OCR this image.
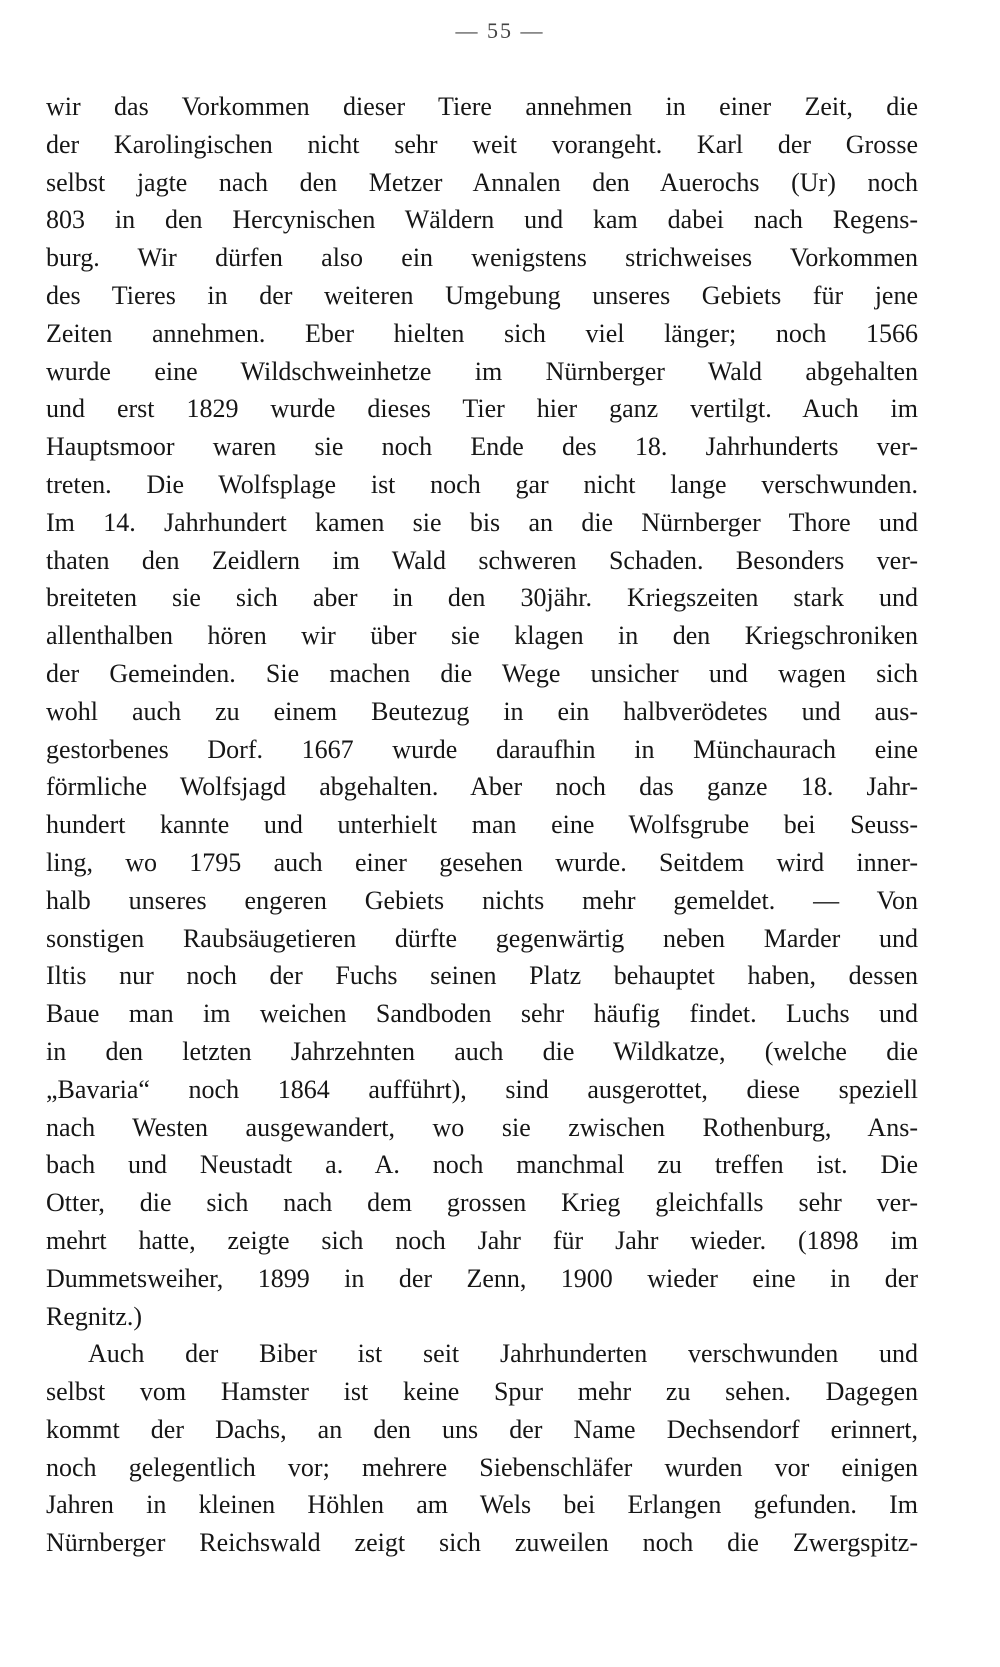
— 55 —
wir das Vorkommen dieser Tiere annehmen in einer Zeit, die
der Karolingischen nicht sehr weit vorangeht. Karl der Grosse
selbst jagte nach den Metzer Annalen den Auerochs (Ur) noch
803 in den Hercynischen Wäldern und kam dabei nach Regens-
burg. Wir dürfen also ein wenigstens strichweises Vorkommen
des Tieres in der weiteren Umgebung unseres Gebiets für jene
Zeiten annehmen. Eber hielten sich viel länger; noch 1566
wurde eine Wildschweinhetze im Nürnberger Wald abgehalten
und erst 1829 wurde dieses Tier hier ganz vertilgt. Auch im
Hauptsmoor waren sie noch Ende des 18. Jahrhunderts ver-
treten. Die Wolfsplage ist noch gar nicht lange verschwunden.
Im 14. Jahrhundert kamen sie bis an die Nürnberger Thore und
thaten den Zeidlern im Wald schweren Schaden. Besonders ver-
breiteten sie sich aber in den 30jähr. Kriegszeiten stark und
allenthalben hören wir über sie klagen in den Kriegschroniken
der Gemeinden. Sie machen die Wege unsicher und wagen sich
wohl auch zu einem Beutezug in ein halbverödetes und aus-
gestorbenes Dorf. 1667 wurde daraufhin in Münchaurach eine
förmliche Wolfsjagd abgehalten. Aber noch das ganze 18. Jahr-
hundert kannte und unterhielt man eine Wolfsgrube bei Seuss-
ling, wo 1795 auch einer gesehen wurde. Seitdem wird inner-
halb unseres engeren Gebiets nichts mehr gemeldet. — Von
sonstigen Raubsäugetieren dürfte gegenwärtig neben Marder und
Iltis nur noch der Fuchs seinen Platz behauptet haben, dessen
Baue man im weichen Sandboden sehr häufig findet. Luchs und
in den letzten Jahrzehnten auch die Wildkatze, (welche die
„Bavaria“ noch 1864 aufführt), sind ausgerottet, diese speziell
nach Westen ausgewandert, wo sie zwischen Rothenburg, Ans-
bach und Neustadt a. A. noch manchmal zu treffen ist. Die
Otter, die sich nach dem grossen Krieg gleichfalls sehr ver-
mehrt hatte, zeigte sich noch Jahr für Jahr wieder. (1898 im
Dummetsweiher, 1899 in der Zenn, 1900 wieder eine in der
Regnitz.)
Auch der Biber ist seit Jahrhunderten verschwunden und
selbst vom Hamster ist keine Spur mehr zu sehen. Dagegen
kommt der Dachs, an den uns der Name Dechsendorf erinnert,
noch gelegentlich vor; mehrere Siebenschläfer wurden vor einigen
Jahren in kleinen Höhlen am Wels bei Erlangen gefunden. Im
Nürnberger Reichswald zeigt sich zuweilen noch die Zwergspitz-
